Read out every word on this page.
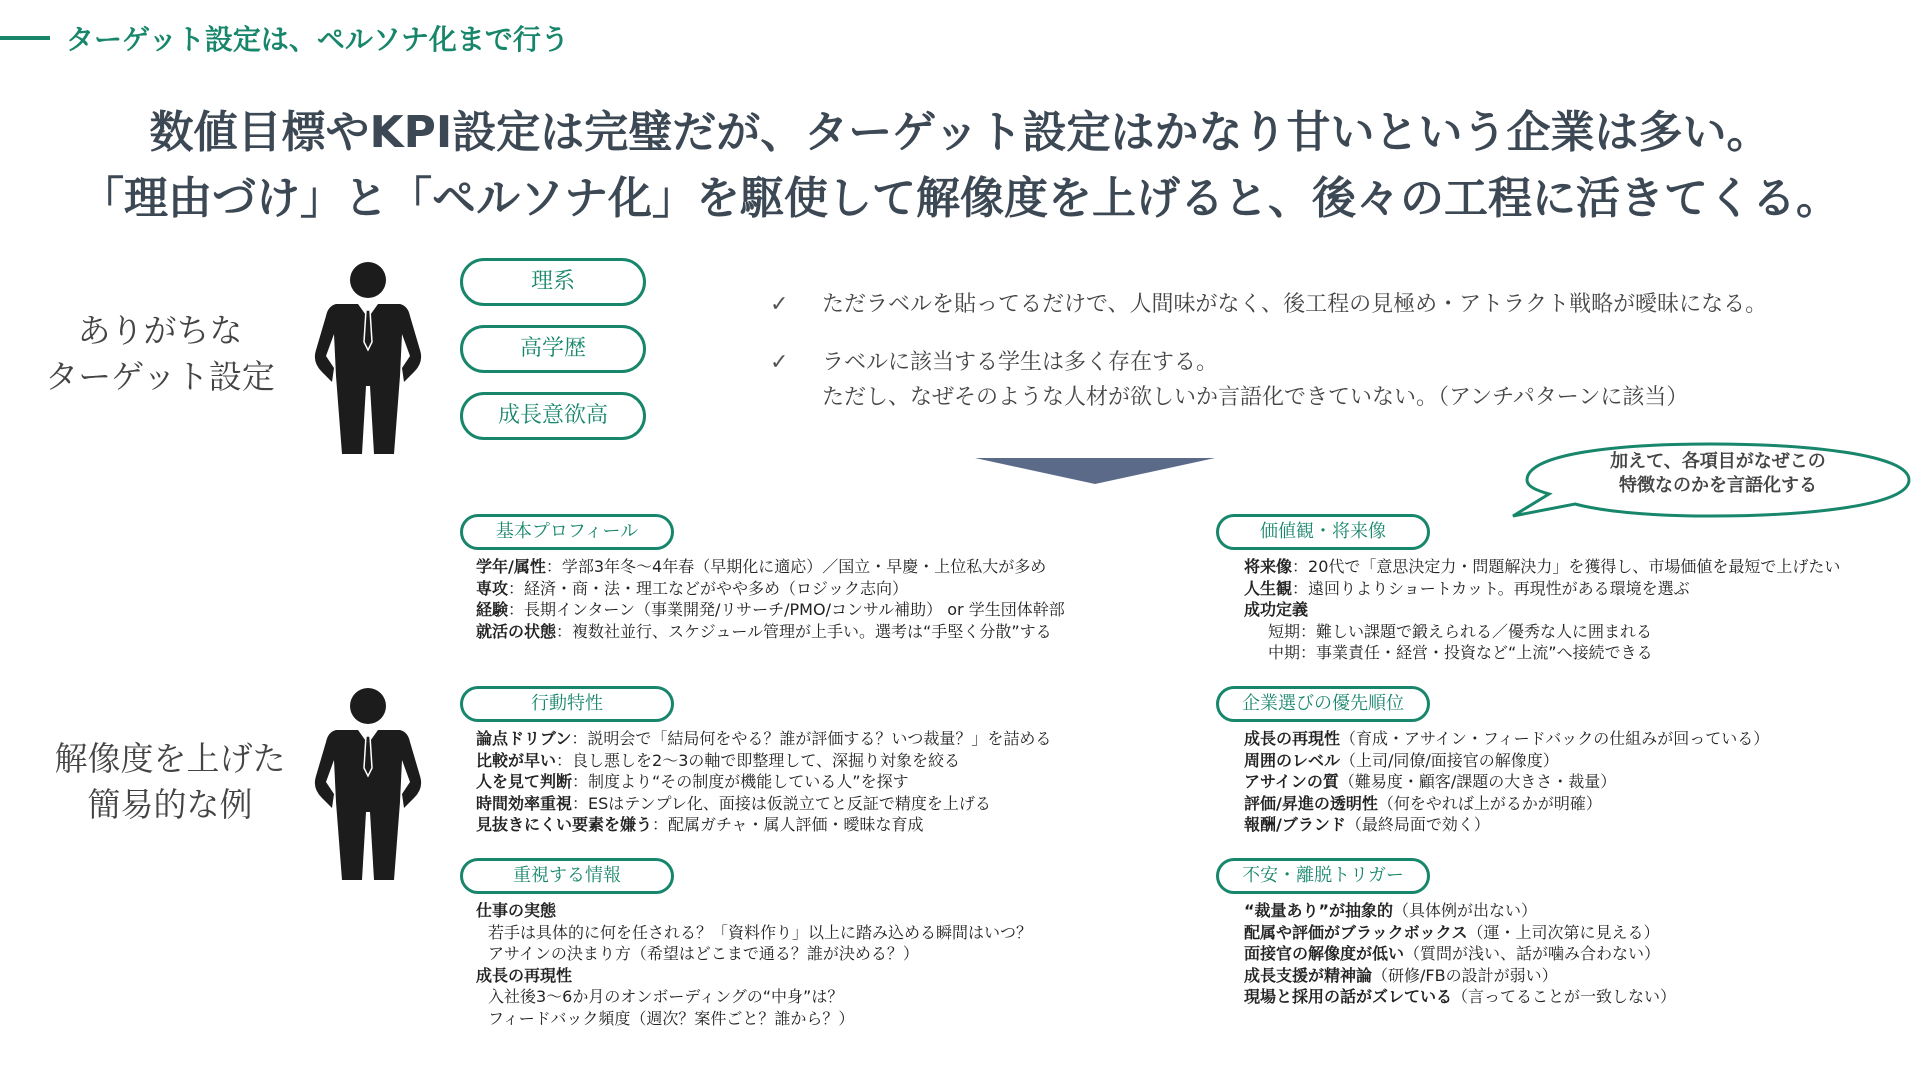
ターゲット設定は、ペルソナ化まで行う
数値目標やKPI設定は完璧だが、ターゲット設定はかなり甘いという企業は多い。
「理由づけ」と「ペルソナ化」を駆使して解像度を上げると、後々の工程に活きてくる。
ありがちな
ターゲット設定
理系
高学歴
成長意欲高
✓ ただラベルを貼ってるだけで、人間味がなく、後工程の見極め・アトラクト戦略が曖昧になる。
✓ ラベルに該当する学生は多く存在する。
ただし、なぜそのような人材が欲しいか言語化できていない。（アンチパターンに該当）
加えて、各項目がなぜこの
特徴なのかを言語化する
解像度を上げた
簡易的な例
基本プロフィール
学年/属性：学部3年冬〜4年春（早期化に適応）／国立・早慶・上位私大が多め
専攻：経済・商・法・理工などがやや多め（ロジック志向）
経験：長期インターン（事業開発/リサーチ/PMO/コンサル補助） or 学生団体幹部
就活の状態：複数社並行、スケジュール管理が上手い。選考は“手堅く分散”する
行動特性
論点ドリブン：説明会で「結局何をやる？誰が評価する？いつ裁量？」を詰める
比較が早い：良し悪しを2〜3の軸で即整理して、深掘り対象を絞る
人を見て判断：制度より“その制度が機能している人”を探す
時間効率重視：ESはテンプレ化、面接は仮説立てと反証で精度を上げる
見抜きにくい要素を嫌う：配属ガチャ・属人評価・曖昧な育成
重視する情報
仕事の実態
若手は具体的に何を任される？「資料作り」以上に踏み込める瞬間はいつ？
アサインの決まり方（希望はどこまで通る？誰が決める？）
成長の再現性
入社後3〜6か月のオンボーディングの“中身”は？
フィードバック頻度（週次？案件ごと？誰から？）
価値観・将来像
将来像：20代で「意思決定力・問題解決力」を獲得し、市場価値を最短で上げたい
人生観：遠回りよりショートカット。再現性がある環境を選ぶ
成功定義
短期：難しい課題で鍛えられる／優秀な人に囲まれる
中期：事業責任・経営・投資など“上流”へ接続できる
企業選びの優先順位
成長の再現性（育成・アサイン・フィードバックの仕組みが回っている）
周囲のレベル（上司/同僚/面接官の解像度）
アサインの質（難易度・顧客/課題の大きさ・裁量）
評価/昇進の透明性（何をやれば上がるかが明確）
報酬/ブランド（最終局面で効く）
不安・離脱トリガー
“裁量あり”が抽象的（具体例が出ない）
配属や評価がブラックボックス（運・上司次第に見える）
面接官の解像度が低い（質問が浅い、話が噛み合わない）
成長支援が精神論（研修/FBの設計が弱い）
現場と採用の話がズレている（言ってることが一致しない）
